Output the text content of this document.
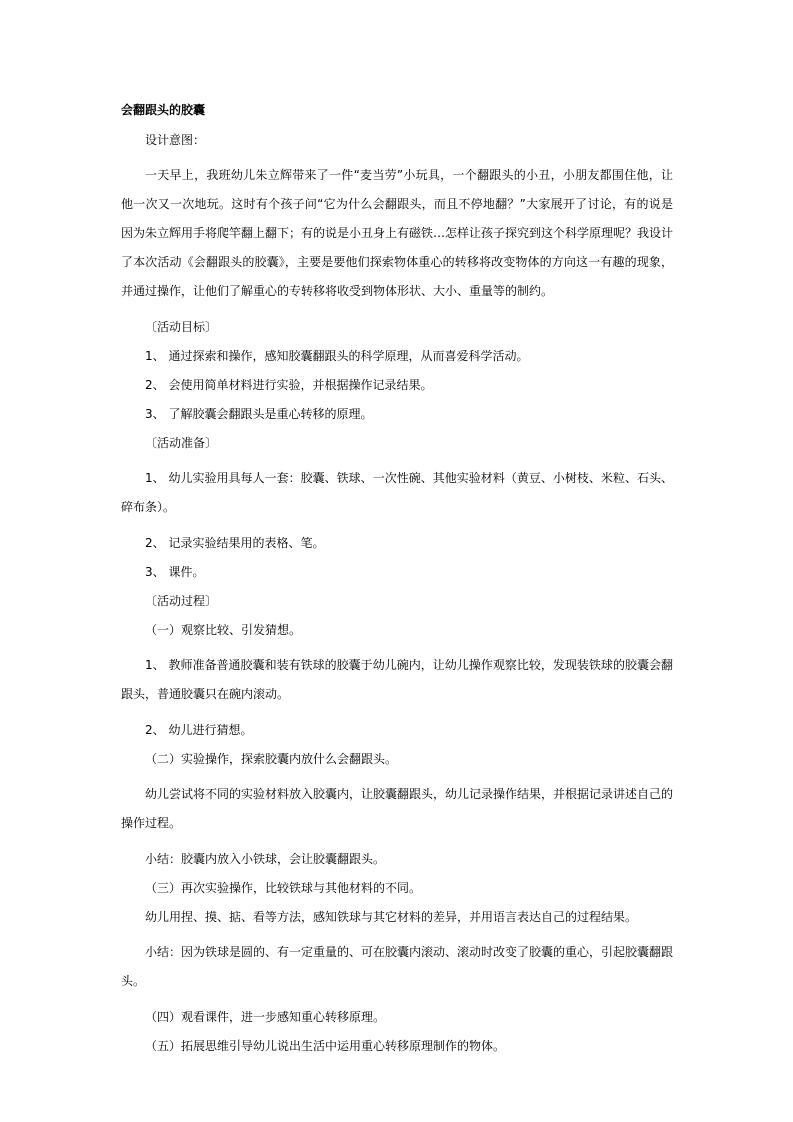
会翻跟头的胶囊
设计意图：
一天早上，我班幼儿朱立辉带来了一件“麦当劳”小玩具，一个翻跟头的小丑，小朋友都围住他，让他一次又一次地玩。这时有个孩子问“它为什么会翻跟头，而且不停地翻？”大家展开了讨论，有的说是因为朱立辉用手将爬竿翻上翻下；有的说是小丑身上有磁铁…怎样让孩子探究到这个科学原理呢？我设计了本次活动《会翻跟头的胶囊》，主要是要他们探索物体重心的转移将改变物体的方向这一有趣的现象，并通过操作，让他们了解重心的专转移将收受到物体形状、大小、重量等的制约。
〔活动目标〕
1、 通过探索和操作，感知胶囊翻跟头的科学原理，从而喜爱科学活动。
2、 会使用简单材料进行实验，并根据操作记录结果。
3、 了解胶囊会翻跟头是重心转移的原理。
〔活动准备〕
1、 幼儿实验用具每人一套：胶囊、铁球、一次性碗、其他实验材料（黄豆、小树枝、米粒、石头、碎布条）。
2、 记录实验结果用的表格、笔。
3、 课件。
〔活动过程〕
（一）观察比较、引发猜想。
1、 教师准备普通胶囊和装有铁球的胶囊于幼儿碗内，让幼儿操作观察比较，发现装铁球的胶囊会翻跟头，普通胶囊只在碗内滚动。
2、 幼儿进行猜想。
（二）实验操作，探索胶囊内放什么会翻跟头。
幼儿尝试将不同的实验材料放入胶囊内，让胶囊翻跟头，幼儿记录操作结果，并根据记录讲述自己的操作过程。
小结：胶囊内放入小铁球，会让胶囊翻跟头。
（三）再次实验操作，比较铁球与其他材料的不同。
幼儿用捏、摸、掂、看等方法，感知铁球与其它材料的差异，并用语言表达自己的过程结果。
小结：因为铁球是圆的、有一定重量的、可在胶囊内滚动、滚动时改变了胶囊的重心，引起胶囊翻跟头。
（四）观看课件，进一步感知重心转移原理。
（五）拓展思维引导幼儿说出生活中运用重心转移原理制作的物体。
